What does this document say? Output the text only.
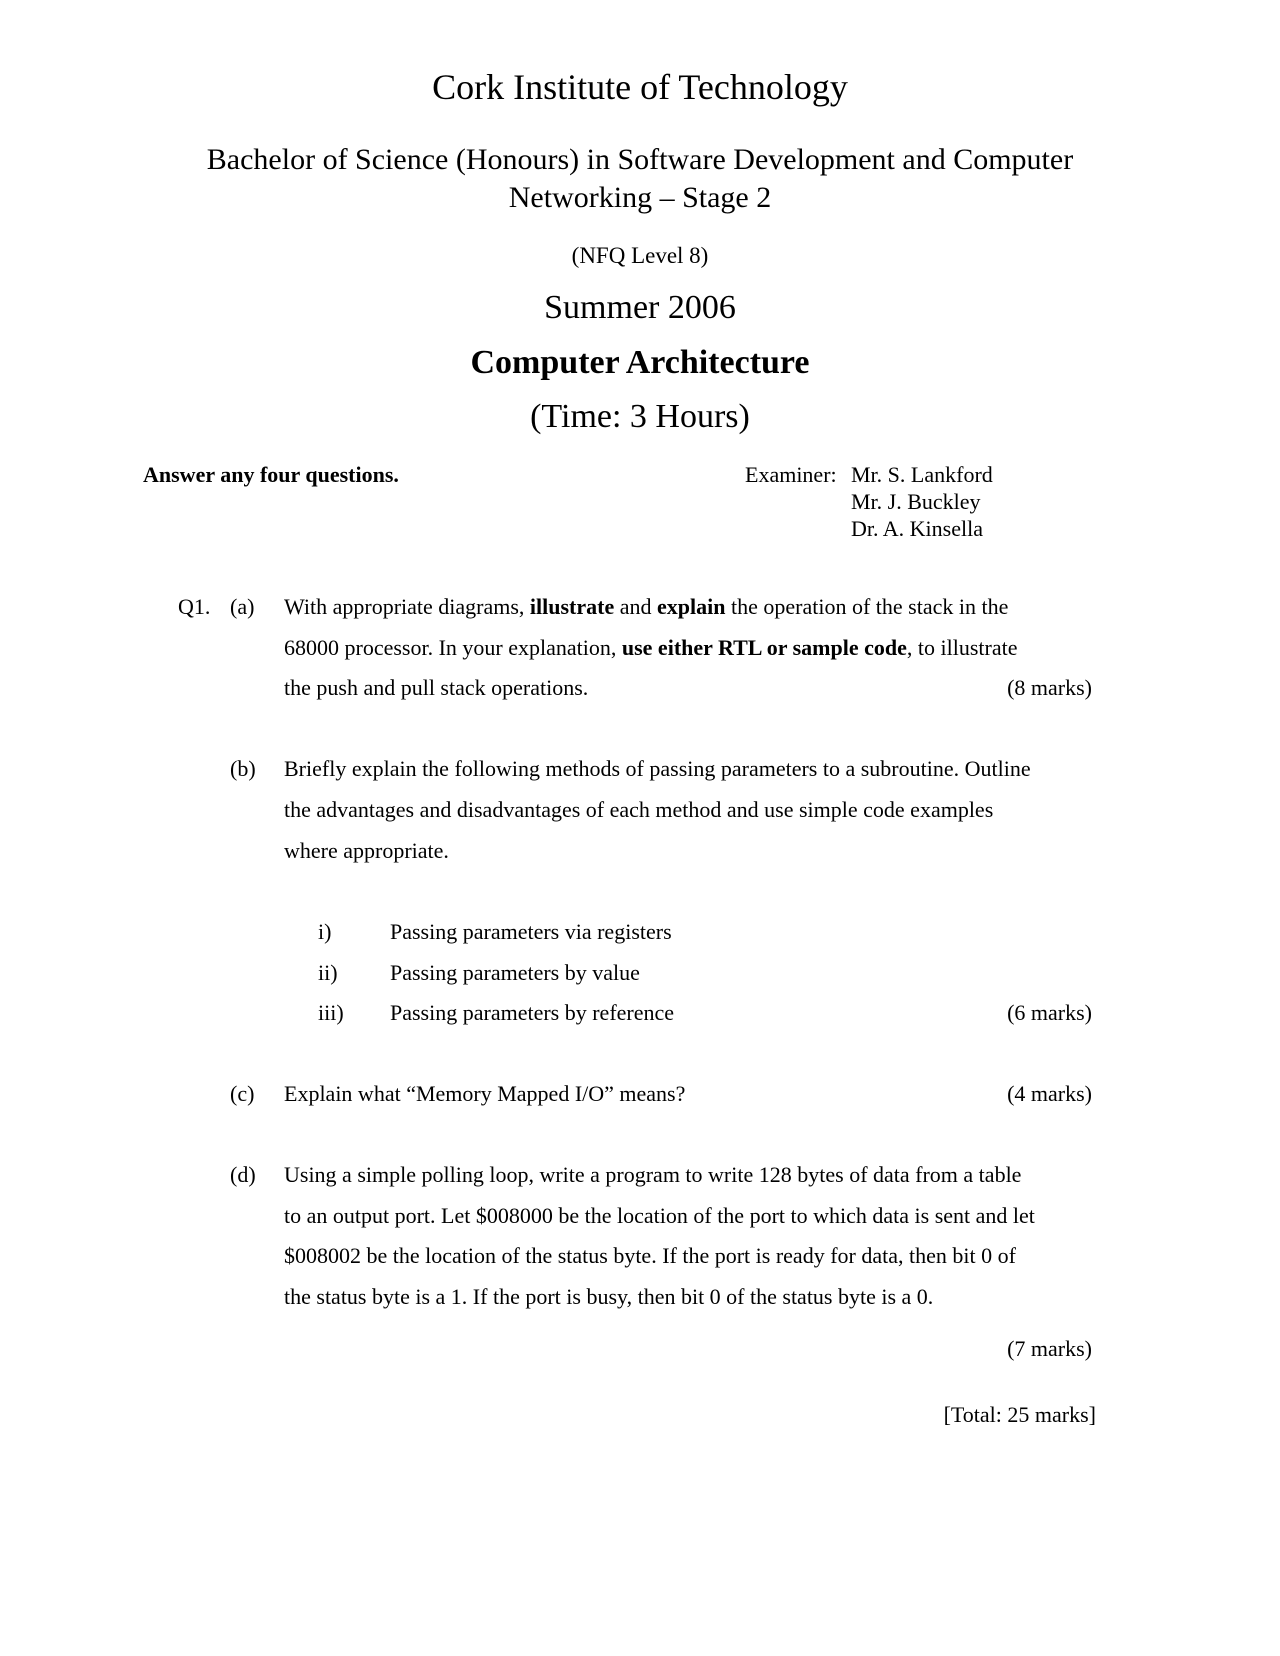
Cork Institute of Technology
Bachelor of Science (Honours) in Software Development and Computer
Networking – Stage 2
(NFQ Level 8)
Summer 2006
Computer Architecture
(Time: 3 Hours)
Answer any four questions.	Examiner: Mr. S. Lankford
Mr. J. Buckley
Dr. A. Kinsella
Q1. (a) With appropriate diagrams, illustrate and explain the operation of the stack in the
68000 processor. In your explanation, use either RTL or sample code, to illustrate
the push and pull stack operations.	(8 marks)
(b) Briefly explain the following methods of passing parameters to a subroutine. Outline
the advantages and disadvantages of each method and use simple code examples
where appropriate.
i)	Passing parameters via registers
ii) Passing parameters by value
iii) Passing parameters by reference	(6 marks)
(c) Explain what “Memory Mapped I/O” means?	(4 marks)
(d) Using a simple polling loop, write a program to write 128 bytes of data from a table
to an output port. Let $008000 be the location of the port to which data is sent and let
$008002 be the location of the status byte. If the port is ready for data, then bit 0 of
the status byte is a 1. If the port is busy, then bit 0 of the status byte is a 0.
(7 marks)
[Total: 25 marks]
